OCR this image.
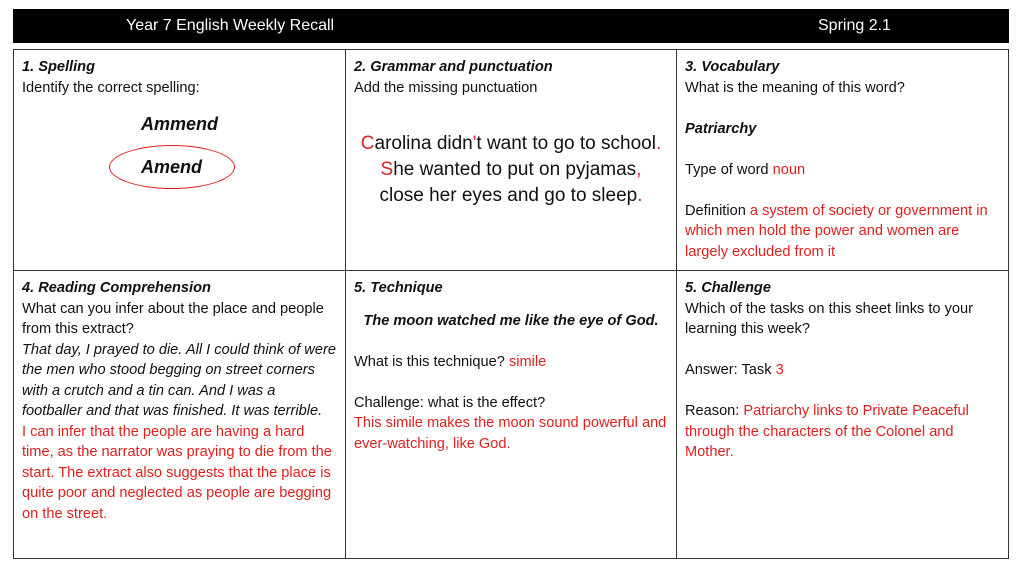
Year 7 English Weekly Recall	Spring 2.1
1. Spelling
Identify the correct spelling:
Ammend
Amend
2. Grammar and punctuation
Add the missing punctuation
Carolina didn't want to go to school.
She wanted to put on pyjamas,
close her eyes and go to sleep.
3. Vocabulary
What is the meaning of this word?
Patriarchy
Type of word noun
Definition a system of society or government in which men hold the power and women are largely excluded from it
4. Reading Comprehension
What can you infer about the place and people from this extract?
That day, I prayed to die. All I could think of were the men who stood begging on street corners with a crutch and a tin can. And I was a footballer and that was finished. It was terrible.
I can infer that the people are having a hard time, as the narrator was praying to die from the start. The extract also suggests that the place is quite poor and neglected as people are begging on the street.
5. Technique
The moon watched me like the eye of God.
What is this technique? simile
Challenge: what is the effect?
This simile makes the moon sound powerful and ever-watching, like God.
5. Challenge
Which of the tasks on this sheet links to your learning this week?
Answer: Task 3
Reason: Patriarchy links to Private Peaceful through the characters of the Colonel and Mother.
